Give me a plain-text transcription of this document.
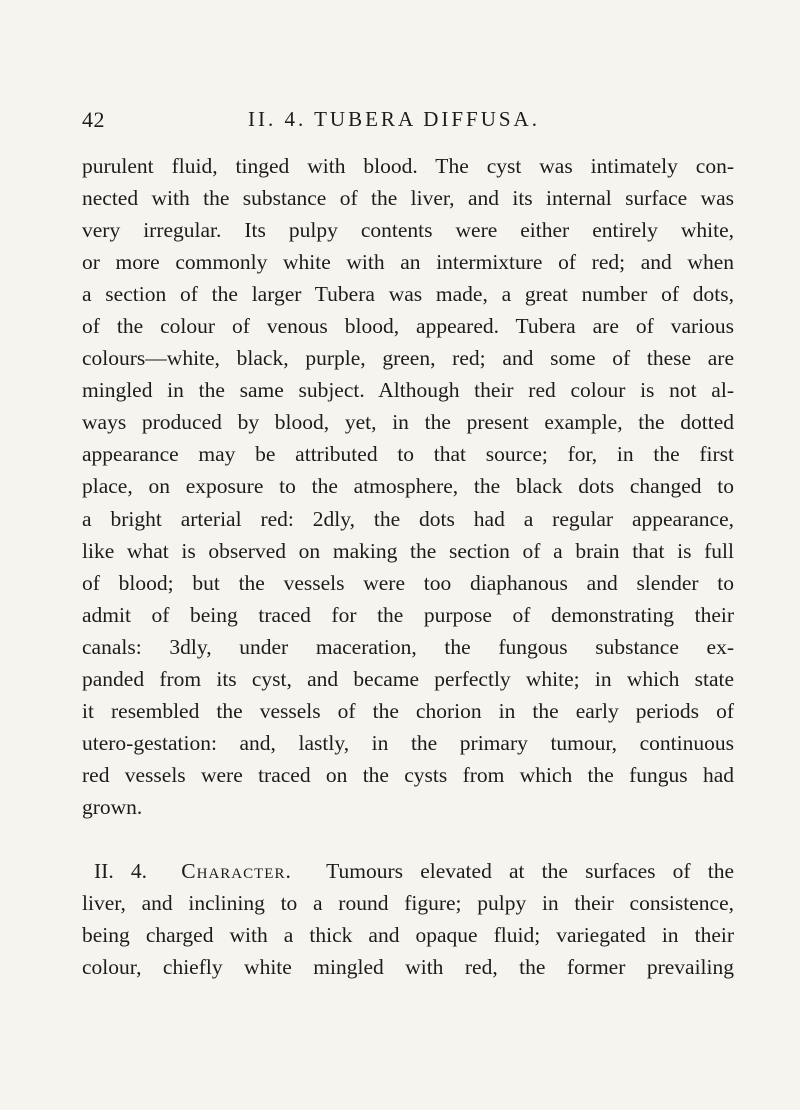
42	II. 4. TUBERA DIFFUSA.
purulent fluid, tinged with blood. The cyst was intimately con-
nected with the substance of the liver, and its internal surface was
very irregular. Its pulpy contents were either entirely white,
or more commonly white with an intermixture of red; and when
a section of the larger Tubera was made, a great number of dots,
of the colour of venous blood, appeared. Tubera are of various
colours—white, black, purple, green, red; and some of these are
mingled in the same subject. Although their red colour is not al-
ways produced by blood, yet, in the present example, the dotted
appearance may be attributed to that source; for, in the first
place, on exposure to the atmosphere, the black dots changed to
a bright arterial red: 2dly, the dots had a regular appearance,
like what is observed on making the section of a brain that is full
of blood; but the vessels were too diaphanous and slender to
admit of being traced for the purpose of demonstrating their
canals: 3dly, under maceration, the fungous substance ex-
panded from its cyst, and became perfectly white; in which state
it resembled the vessels of the chorion in the early periods of
utero-gestation: and, lastly, in the primary tumour, continuous
red vessels were traced on the cysts from which the fungus had
grown.
II. 4. Character. Tumours elevated at the surfaces of the
liver, and inclining to a round figure; pulpy in their consistence,
being charged with a thick and opaque fluid; variegated in their
colour, chiefly white mingled with red, the former prevailing
